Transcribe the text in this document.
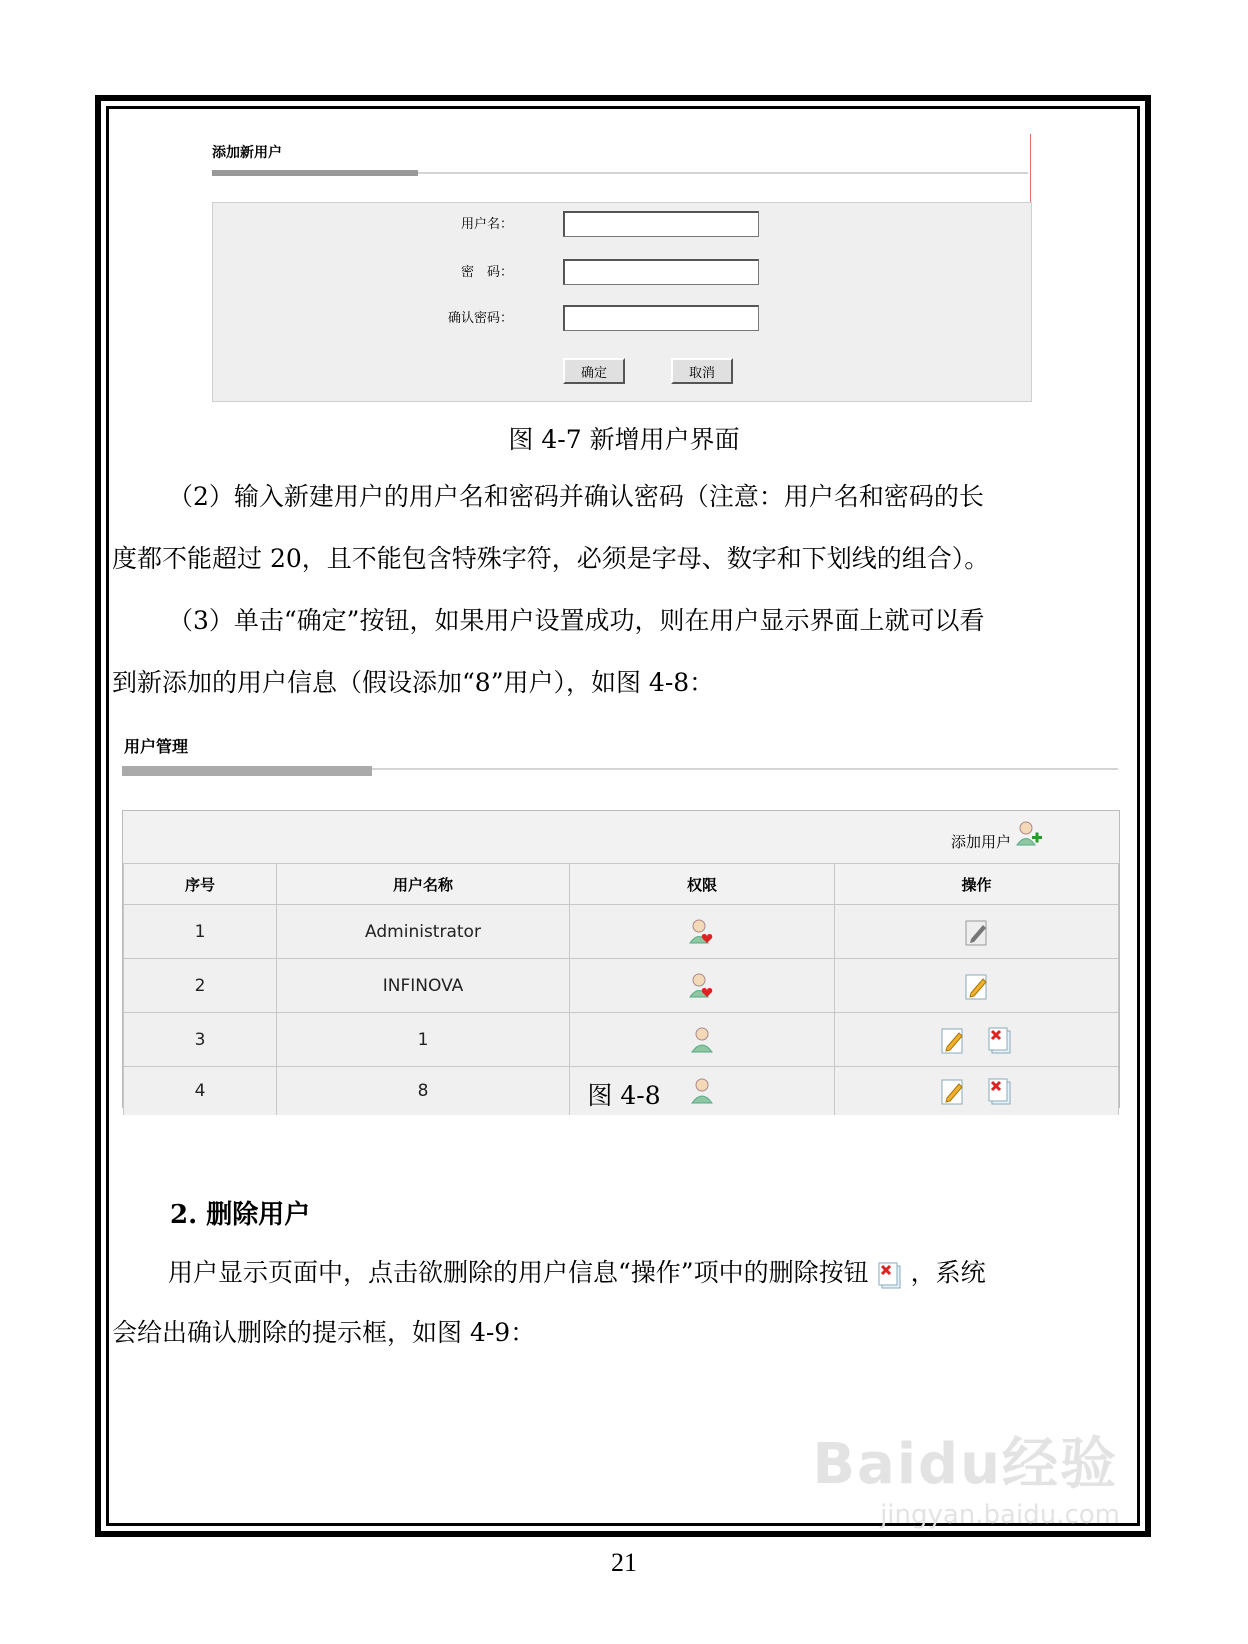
添加新用户
用户名：
密　码：
确认密码：
确定	取消
图 4-7 新增用户界面
（2）输入新建用户的用户名和密码并确认密码（注意：用户名和密码的长
度都不能超过 20，且不能包含特殊字符，必须是字母、数字和下划线的组合）。
（3）单击“确定”按钮，如果用户设置成功，则在用户显示界面上就可以看
到新添加的用户信息（假设添加“8”用户），如图 4-8：
用户管理
添加用户
序号	用户名称	权限	操作
1	Administrator		
2	INFINOVA		
3	1		
4	8			图 4-8
2. 删除用户
用户显示页面中，点击欲删除的用户信息“操作”项中的删除按钮 ，系统
会给出确认删除的提示框，如图 4-9：
Baidu经验
jingyan.baidu.com
21
